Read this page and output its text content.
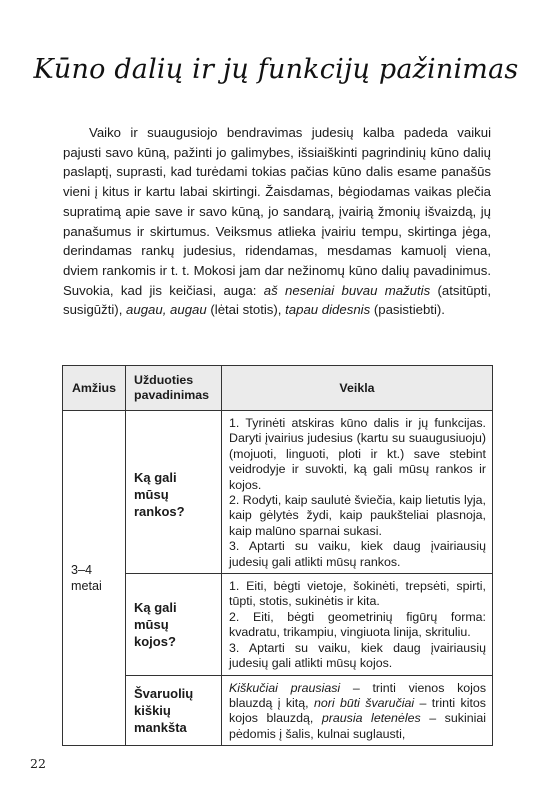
Kūno dalių ir jų funkcijų pažinimas

Vaiko ir suaugusiojo bendravimas judesių kalba padeda vaikui pajusti savo kūną, pažinti jo galimybes, išsiaiškinti pagrindinių kūno dalių paslaptį, suprasti, kad turėdami tokias pačias kūno dalis esame panašūs vieni į kitus ir kartu labai skirtingi. Žaisdamas, bėgiodamas vaikas plečia supratimą apie save ir savo kūną, jo sandarą, įvairią žmonių išvaizdą, jų panašumus ir skirtumus. Veiksmus atlieka įvairiu tempu, skirtinga jėga, derindamas rankų judesius, ridendamas, mesdamas kamuolį viena, dviem rankomis ir t. t. Mokosi jam dar nežinomų kūno dalių pavadinimus. Suvokia, kad jis keičiasi, auga: aš neseniai buvau mažutis (atsitūpti, susigūžti), augau, augau (lėtai stotis), tapau didesnis (pasistiebti).

Amžius	Užduoties pavadinimas	Veikla
3–4 metai	Ką gali mūsų rankos?	1. Tyrinėti atskiras kūno dalis ir jų funkcijas. Daryti įvairius judesius (kartu su suaugusiuoju) (mojuoti, linguoti, ploti ir kt.) save stebint veidrodyje ir suvokti, ką gali mūsų rankos ir kojos.

2. Rodyti, kaip saulutė šviečia, kaip lietutis lyja, kaip gėlytės žydi, kaip paukšteliai plasnoja, kaip malūno sparnai sukasi.

3. Aptarti su vaiku, kiek daug įvairiausių judesių gali atlikti mūsų rankos.

	Ką gali mūsų kojos?	1. Eiti, bėgti vietoje, šokinėti, trepsėti, spirti, tūpti, stotis, sukinėtis ir kita.

2. Eiti, bėgti geometrinių figūrų forma: kvadratu, trikampiu, vingiuota linija, skrituliu.

3. Aptarti su vaiku, kiek daug įvairiausių judesių gali atlikti mūsų kojos.

	Švaruolių kiškių mankšta	Kiškučiai prausiasi – trinti vienos kojos blauzdą į kitą, nori būti švaručiai – trinti kitos kojos blauzdą, prausia letenėles – sukiniai pėdomis į šalis, kulnai suglausti,

22
